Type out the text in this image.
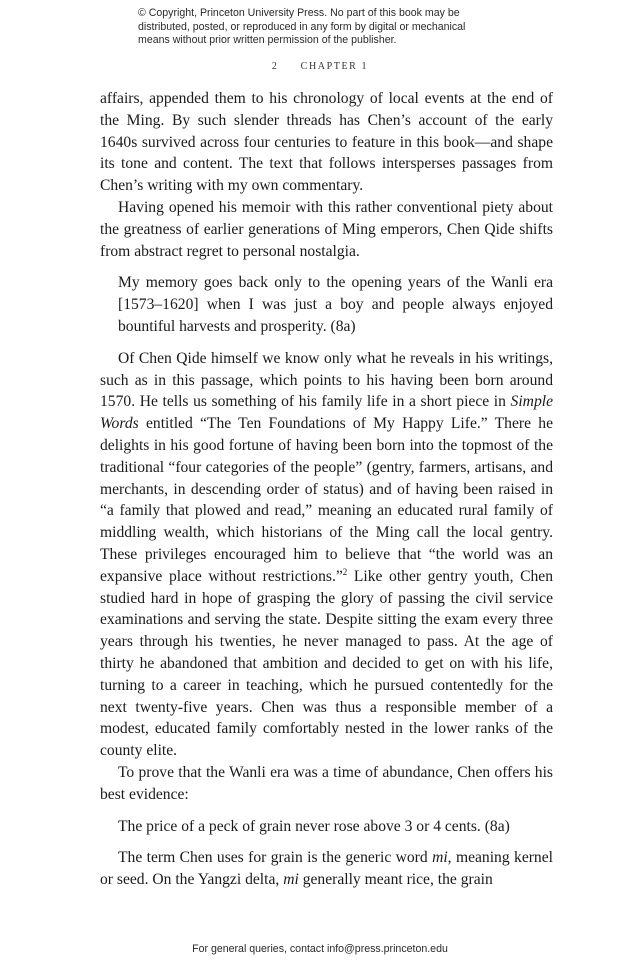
© Copyright, Princeton University Press. No part of this book may be
distributed, posted, or reproduced in any form by digital or mechanical
means without prior written permission of the publisher.
2 CHAPTER 1

affairs, appended them to his chronology of local events at the end of the Ming. By such slender threads has Chen’s account of the early 1640s survived across four centuries to feature in this book—and shape its tone and content. The text that follows intersperses passages from Chen’s writing with my own commentary.

Having opened his memoir with this rather conventional piety about the greatness of earlier generations of Ming emperors, Chen Qide shifts from abstract regret to personal nostalgia.

My memory goes back only to the opening years of the Wanli era [1573–1620] when I was just a boy and people always enjoyed bountiful harvests and prosperity. (8a)

Of Chen Qide himself we know only what he reveals in his writings, such as in this passage, which points to his having been born around 1570. He tells us something of his family life in a short piece in Simple Words entitled “The Ten Foundations of My Happy Life.” There he delights in his good fortune of having been born into the topmost of the traditional “four categories of the people” (gentry, farmers, artisans, and merchants, in descending order of status) and of having been raised in “a family that plowed and read,” meaning an educated rural family of middling wealth, which historians of the Ming call the local gentry. These privileges encouraged him to believe that “the world was an expansive place without restrictions.”$^2$ Like other gentry youth, Chen studied hard in hope of grasping the glory of passing the civil service examinations and serving the state. Despite sitting the exam every three years through his twenties, he never managed to pass. At the age of thirty he abandoned that ambition and decided to get on with his life, turning to a career in teaching, which he pursued contentedly for the next twenty-five years. Chen was thus a responsible member of a modest, educated family comfortably nested in the lower ranks of the county elite.

To prove that the Wanli era was a time of abundance, Chen offers his best evidence:

The price of a peck of grain never rose above 3 or 4 cents. (8a)

The term Chen uses for grain is the generic word mi, meaning kernel or seed. On the Yangzi delta, mi generally meant rice, the grain

For general queries, contact info@press.princeton.edu
